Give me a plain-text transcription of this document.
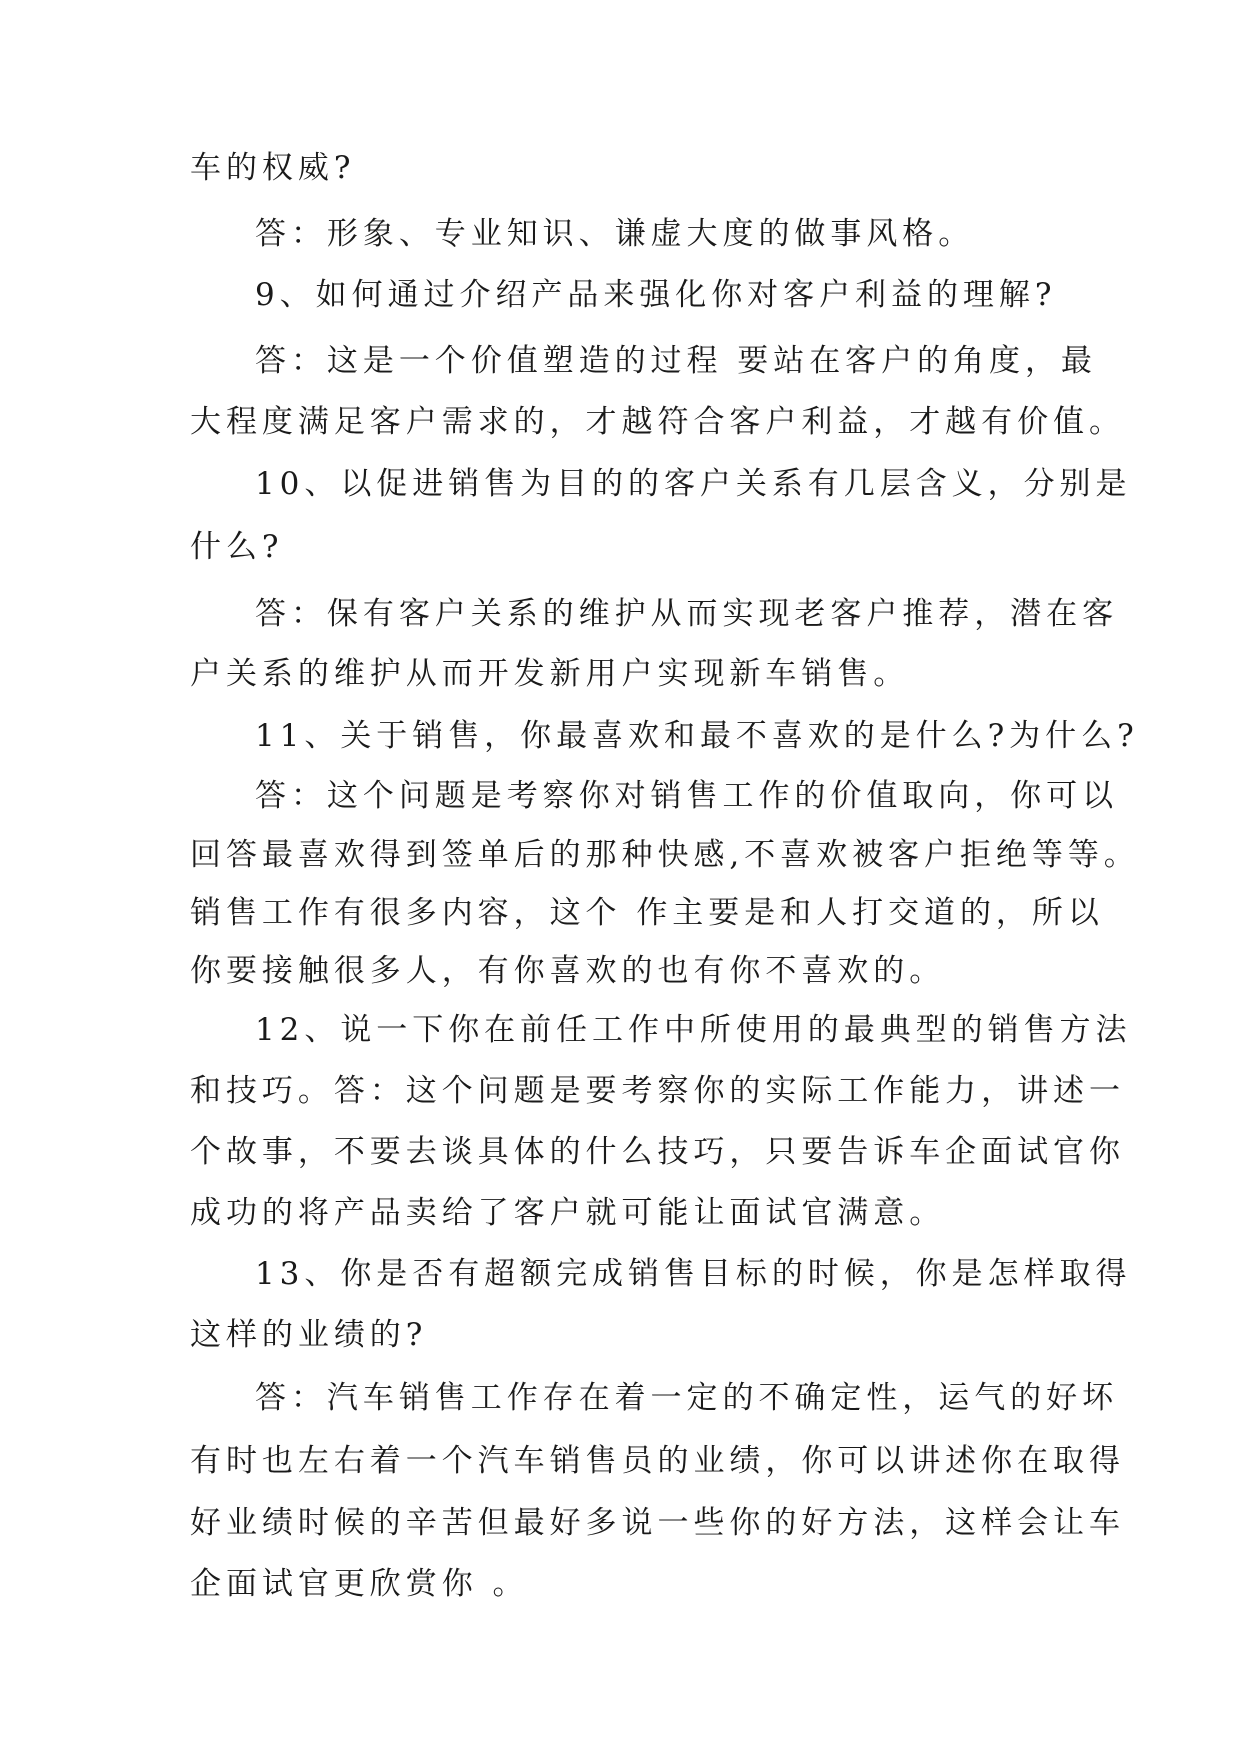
车的权威?
答：形象、专业知识、谦虚大度的做事风格。
9、如何通过介绍产品来强化你对客户利益的理解?
答：这是一个价值塑造的过程 要站在客户的角度，最
大程度满足客户需求的，才越符合客户利益，才越有价值。
10、以促进销售为目的的客户关系有几层含义，分别是
什么?
答：保有客户关系的维护从而实现老客户推荐，潜在客
户关系的维护从而开发新用户实现新车销售。
11、关于销售，你最喜欢和最不喜欢的是什么?为什么?
答：这个问题是考察你对销售工作的价值取向，你可以
回答最喜欢得到签单后的那种快感,不喜欢被客户拒绝等等。
销售工作有很多内容，这个 作主要是和人打交道的，所以
你要接触很多人，有你喜欢的也有你不喜欢的。
12、说一下你在前任工作中所使用的最典型的销售方法
和技巧。答：这个问题是要考察你的实际工作能力，讲述一
个故事，不要去谈具体的什么技巧，只要告诉车企面试官你
成功的将产品卖给了客户就可能让面试官满意。
13、你是否有超额完成销售目标的时候，你是怎样取得
这样的业绩的?
答：汽车销售工作存在着一定的不确定性，运气的好坏
有时也左右着一个汽车销售员的业绩，你可以讲述你在取得
好业绩时候的辛苦但最好多说一些你的好方法，这样会让车
企面试官更欣赏你 。
